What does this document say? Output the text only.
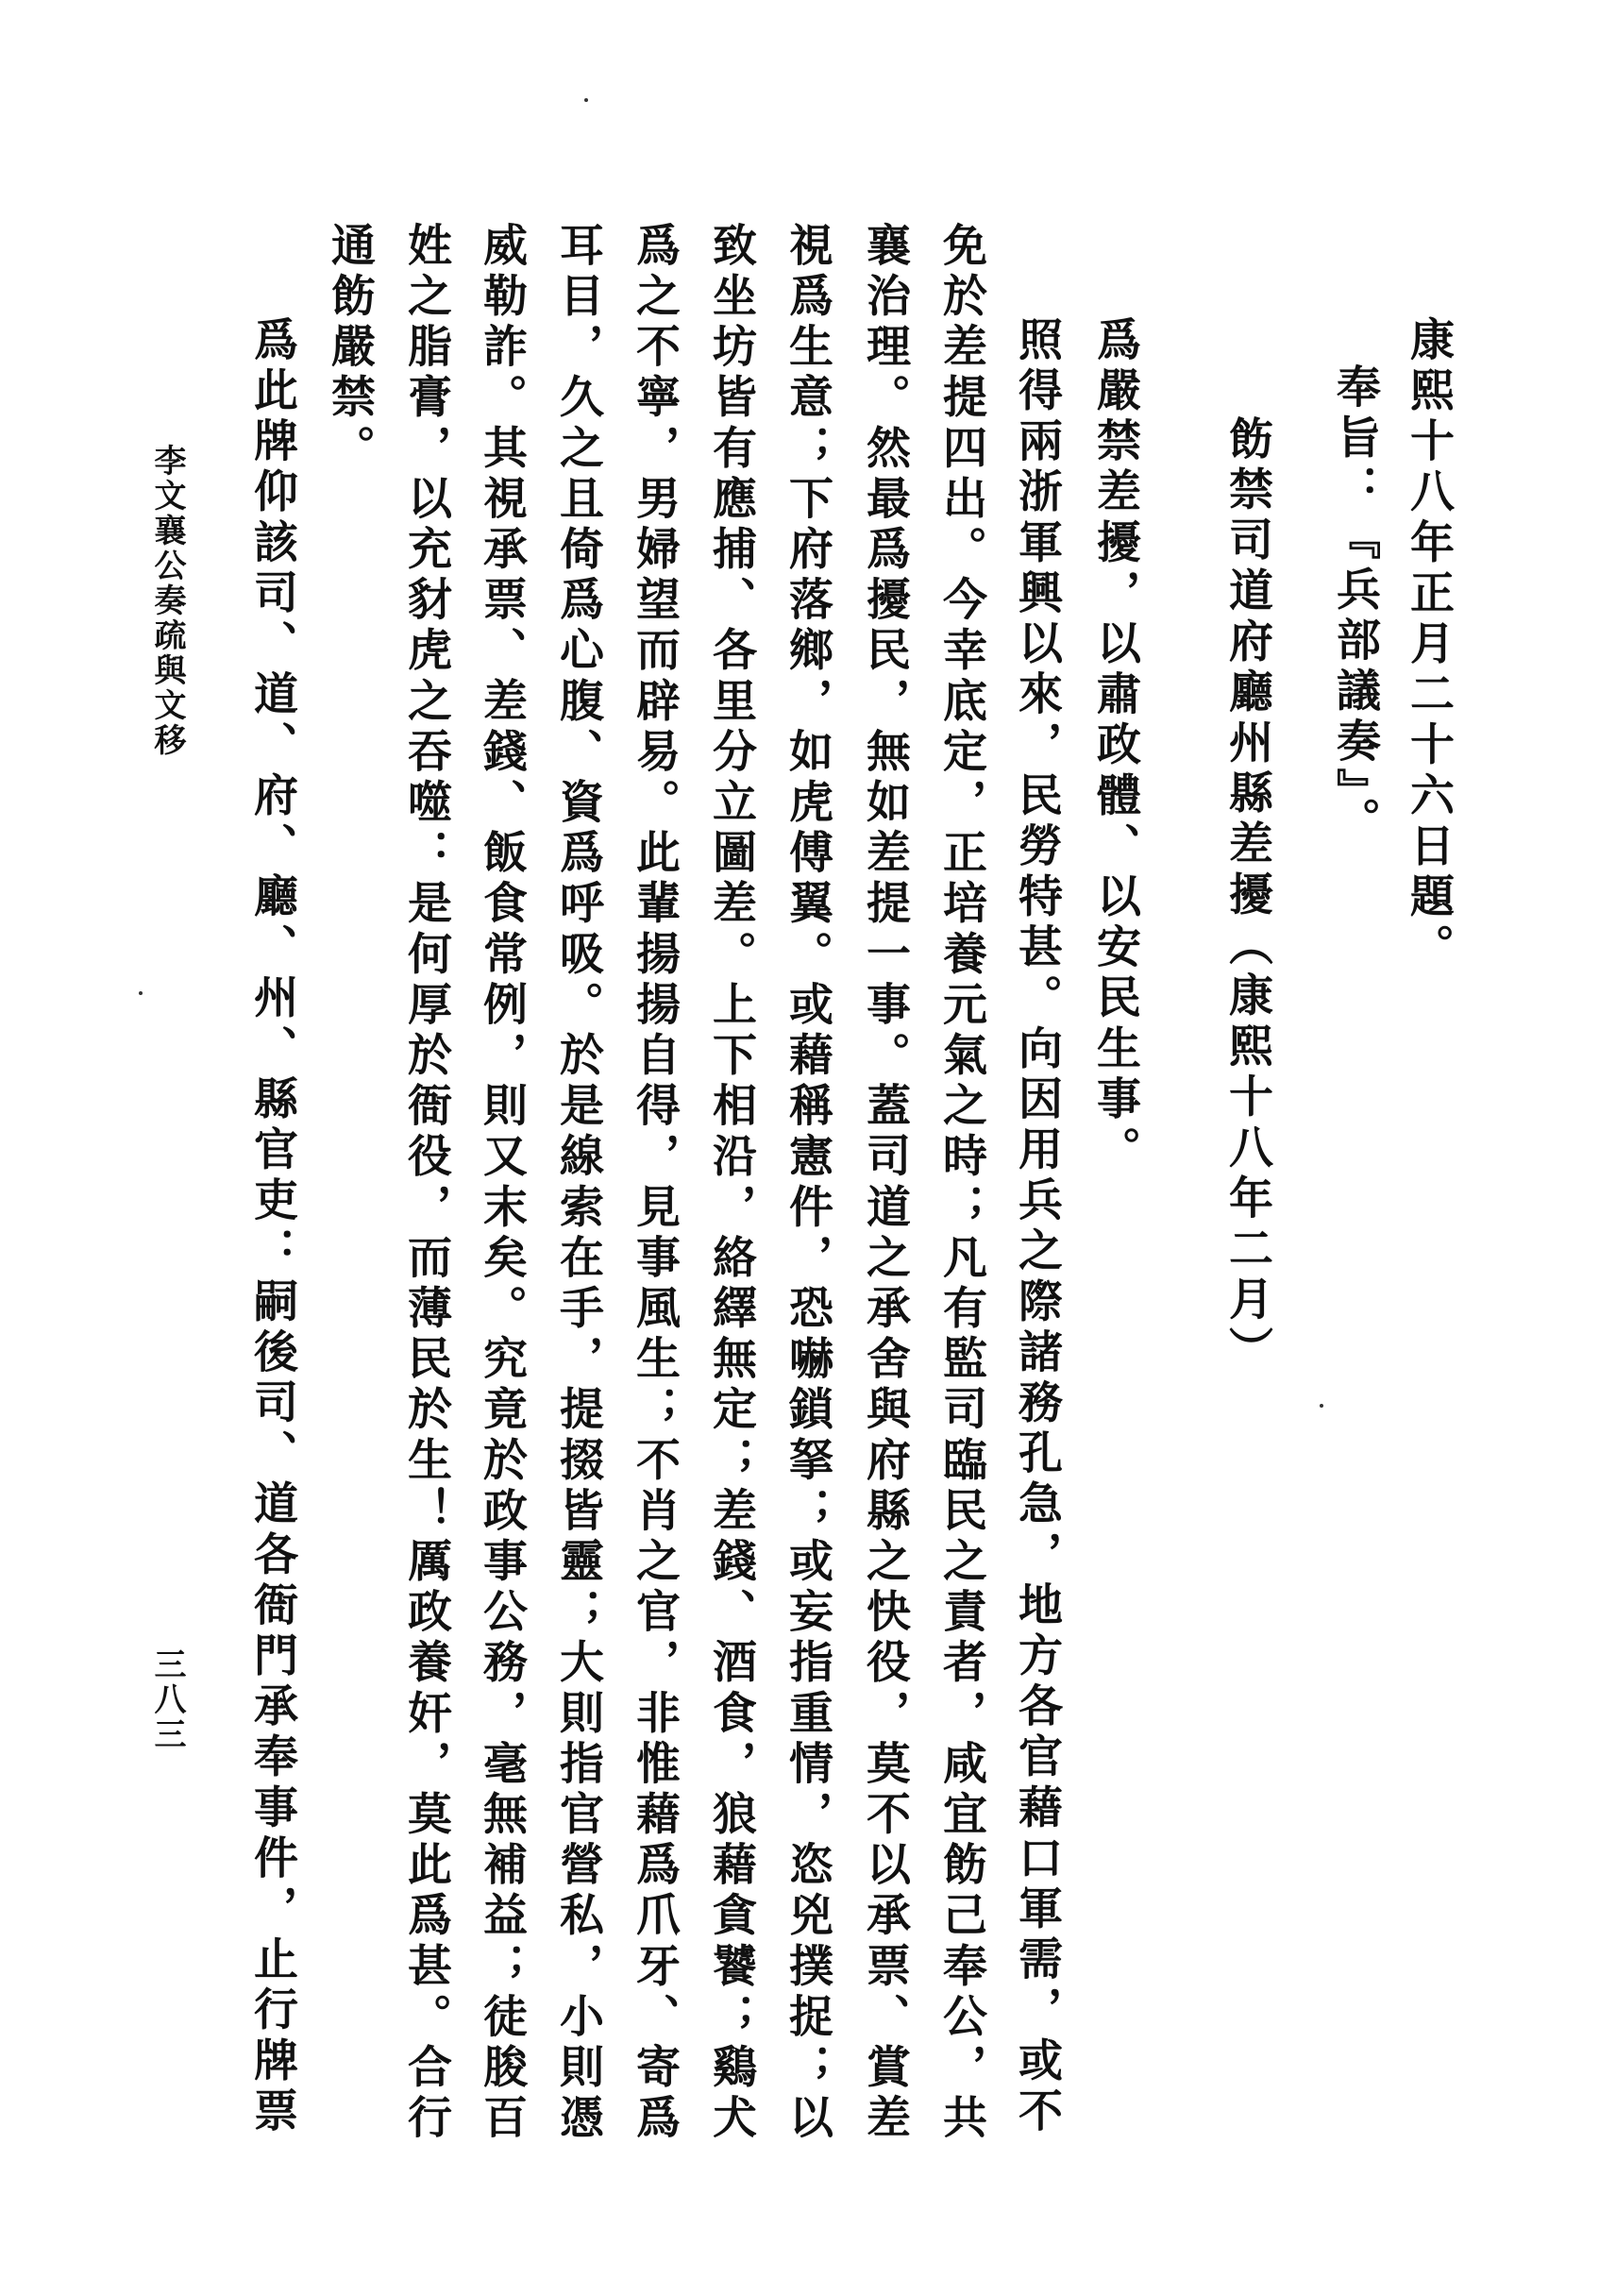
康熙十八年正月二十六日題。
奉旨：『兵部議奏』。
飭禁司道府廳州縣差擾（康熙十八年二月）
爲嚴禁差擾，以肅政體、以安民生事。
照得兩浙軍興以來，民勞特甚。向因用兵之際諸務孔急，地方各官藉口軍需，或不
免於差提四出。今幸底定，正培養元氣之時；凡有監司臨民之責者，咸宜飭己奉公，共
襄治理。然最爲擾民，無如差提一事。蓋司道之承舍與府縣之快役，莫不以承票、賞差
視爲生意；下府落鄉，如虎傅翼。或藉稱憲件，恐嚇鎖拏；或妄指重情，恣兇撲捉；以
致坐坊皆有應捕、各里分立圖差。上下相沿，絡繹無定；差錢、酒食，狼藉貪饕；鷄犬
爲之不寧，男婦望而辟易。此輩揚揚自得，見事風生；不肖之官，非惟藉爲爪牙、寄爲
耳目，久之且倚爲心腹、資爲呼吸。於是線索在手，提掇皆靈；大則指官營私，小則憑
威勒詐。其視承票、差錢、飯食常例，則又末矣。究竟於政事公務，毫無補益；徒朘百
姓之脂膏，以充豺虎之吞噬：是何厚於衙役，而薄民於生！厲政養奸，莫此爲甚。合行
通飭嚴禁。
爲此牌仰該司、道、府、廳、州、縣官吏：嗣後司、道各衙門承奉事件，止行牌票
李文襄公奏疏與文移
三八三
